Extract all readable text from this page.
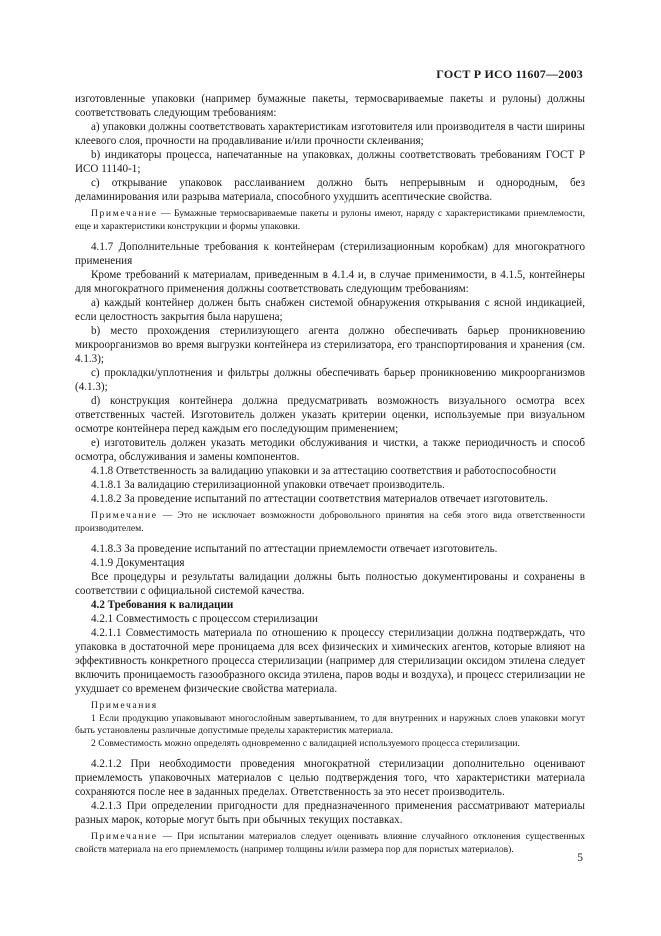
ГОСТ Р ИСО 11607—2003

изготовленные упаковки (например бумажные пакеты, термосвариваемые пакеты и рулоны) должны соответствовать следующим требованиям:

a) упаковки должны соответствовать характеристикам изготовителя или производителя в части ширины клеевого слоя, прочности на продавливание и/или прочности склеивания;

b) индикаторы процесса, напечатанные на упаковках, должны соответствовать требованиям ГОСТ Р ИСО 11140-1;

c) открывание упаковок расслаиванием должно быть непрерывным и однородным, без деламинирования или разрыва материала, способного ухудшить асептические свойства.

Примечание — Бумажные термосвариваемые пакеты и рулоны имеют, наряду с характеристиками приемлемости, еще и характеристики конструкции и формы упаковки.

4.1.7 Дополнительные требования к контейнерам (стерилизационным коробкам) для многократного применения

Кроме требований к материалам, приведенным в 4.1.4 и, в случае применимости, в 4.1.5, контейнеры для многократного применения должны соответствовать следующим требованиям:

a) каждый контейнер должен быть снабжен системой обнаружения открывания с ясной индикацией, если целостность закрытия была нарушена;

b) место прохождения стерилизующего агента должно обеспечивать барьер проникновению микроорганизмов во время выгрузки контейнера из стерилизатора, его транспортирования и хранения (см. 4.1.3);

c) прокладки/уплотнения и фильтры должны обеспечивать барьер проникновению микроорганизмов (4.1.3);

d) конструкция контейнера должна предусматривать возможность визуального осмотра всех ответственных частей. Изготовитель должен указать критерии оценки, используемые при визуальном осмотре контейнера перед каждым его последующим применением;

e) изготовитель должен указать методики обслуживания и чистки, а также периодичность и способ осмотра, обслуживания и замены компонентов.

4.1.8 Ответственность за валидацию упаковки и за аттестацию соответствия и работоспособности

4.1.8.1 За валидацию стерилизационной упаковки отвечает производитель.

4.1.8.2 За проведение испытаний по аттестации соответствия материалов отвечает изготовитель.

Примечание — Это не исключает возможности добровольного принятия на себя этого вида ответственности производителем.

4.1.8.3 За проведение испытаний по аттестации приемлемости отвечает изготовитель.

4.1.9 Документация

Все процедуры и результаты валидации должны быть полностью документированы и сохранены в соответствии с официальной системой качества.

4.2 Требования к валидации

4.2.1 Совместимость с процессом стерилизации

4.2.1.1 Совместимость материала по отношению к процессу стерилизации должна подтверждать, что упаковка в достаточной мере проницаема для всех физических и химических агентов, которые влияют на эффективность конкретного процесса стерилизации (например для стерилизации оксидом этилена следует включить проницаемость газообразного оксида этилена, паров воды и воздуха), и процесс стерилизации не ухудшает со временем физические свойства материала.

Примечания

1 Если продукцию упаковывают многослойным завертыванием, то для внутренних и наружных слоев упаковки могут быть установлены различные допустимые пределы характеристик материала.

2 Совместимость можно определять одновременно с валидацией используемого процесса стерилизации.

4.2.1.2 При необходимости проведения многократной стерилизации дополнительно оценивают приемлемость упаковочных материалов с целью подтверждения того, что характеристики материала сохраняются после нее в заданных пределах. Ответственность за это несет производитель.

4.2.1.3 При определении пригодности для предназначенного применения рассматривают материалы разных марок, которые могут быть при обычных текущих поставках.

Примечание — При испытании материалов следует оценивать влияние случайного отклонения существенных свойств материала на его приемлемость (например толщины и/или размера пор для пористых материалов).

5
